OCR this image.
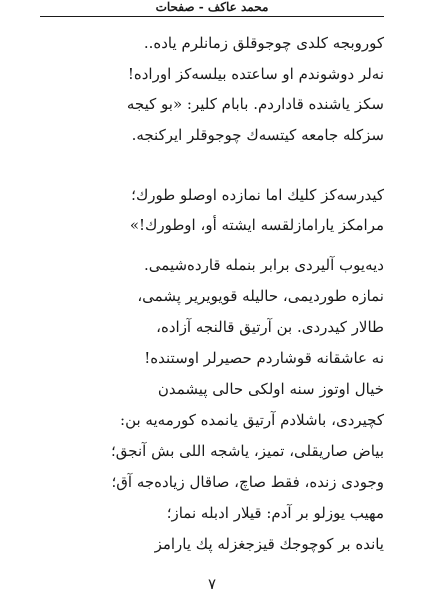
محمد عاکف - صفحات
کوروبجه کلدی چوجوقلق زمانلرم یاده..
نەلر دوشوندم او ساعتده بیلسەکز اوراده!
سکز یاشنده قاداردم. بابام کلیر: «بو کیجه
سزکله جامعه کیتسەك چوجوقلر ایرکنجه.
کیدرسەکز کلیك اما نمازده اوصلو طورك؛
مرامکز یارامازلقسه ایشته أو، اوطورك!»
دیەیوب آلیردی برابر بنمله قاردەشیمی.
نمازه طوردیمی، حالیله قویویریر پشمی،
طالار کیدردی. بن آرتیق قالنجه آزاده،
نه عاشقانه قوشاردم حصیرلر اوستنده!
خیال اوتوز سنه اولکی حالی پیشمدن
کچیردی، باشلادم آرتیق یانمده کورمەیه بن:
بیاض صاریقلی، تمیز، یاشجه اللی بش آنجق؛
وجودی زنده، فقط صاچ، صاقال زیادەجه آق؛
مهیب یوزلو بر آدم: قیلار ادبله نماز؛
یانده بر کوچوجك قیزجغزله پك یارامز
٧
